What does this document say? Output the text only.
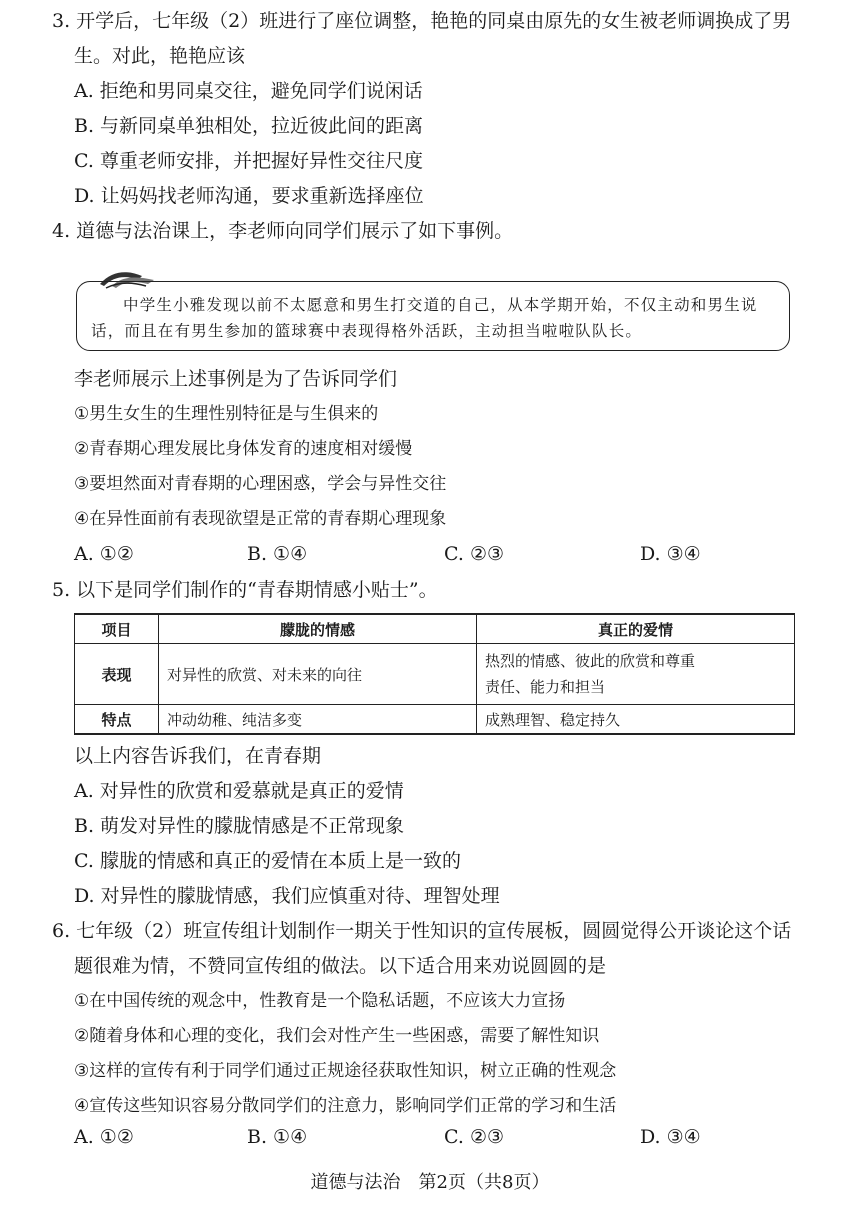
3. 开学后，七年级（2）班进行了座位调整，艳艳的同桌由原先的女生被老师调换成了男
生。对此，艳艳应该
A. 拒绝和男同桌交往，避免同学们说闲话
B. 与新同桌单独相处，拉近彼此间的距离
C. 尊重老师安排，并把握好异性交往尺度
D. 让妈妈找老师沟通，要求重新选择座位
4. 道德与法治课上，李老师向同学们展示了如下事例。
中学生小雅发现以前不太愿意和男生打交道的自己，从本学期开始，不仅主动和男生说话，而且在有男生参加的篮球赛中表现得格外活跃，主动担当啦啦队队长。
李老师展示上述事例是为了告诉同学们
①男生女生的生理性别特征是与生俱来的
②青春期心理发展比身体发育的速度相对缓慢
③要坦然面对青春期的心理困惑，学会与异性交往
④在异性面前有表现欲望是正常的青春期心理现象
A. ①②	B. ①④	C. ②③	D. ③④
5. 以下是同学们制作的“青春期情感小贴士”。
项目	朦胧的情感	真正的爱情
表现	对异性的欣赏、对未来的向往	热烈的情感、彼此的欣赏和尊重
责任、能力和担当

特点	冲动幼稚、纯洁多变	成熟理智、稳定持久
以上内容告诉我们，在青春期
A. 对异性的欣赏和爱慕就是真正的爱情
B. 萌发对异性的朦胧情感是不正常现象
C. 朦胧的情感和真正的爱情在本质上是一致的
D. 对异性的朦胧情感，我们应慎重对待、理智处理
6. 七年级（2）班宣传组计划制作一期关于性知识的宣传展板，圆圆觉得公开谈论这个话
题很难为情，不赞同宣传组的做法。以下适合用来劝说圆圆的是
①在中国传统的观念中，性教育是一个隐私话题，不应该大力宣扬
②随着身体和心理的变化，我们会对性产生一些困惑，需要了解性知识
③这样的宣传有利于同学们通过正规途径获取性知识，树立正确的性观念
④宣传这些知识容易分散同学们的注意力，影响同学们正常的学习和生活
A. ①②	B. ①④	C. ②③	D. ③④
道德与法治　第2页（共8页）
